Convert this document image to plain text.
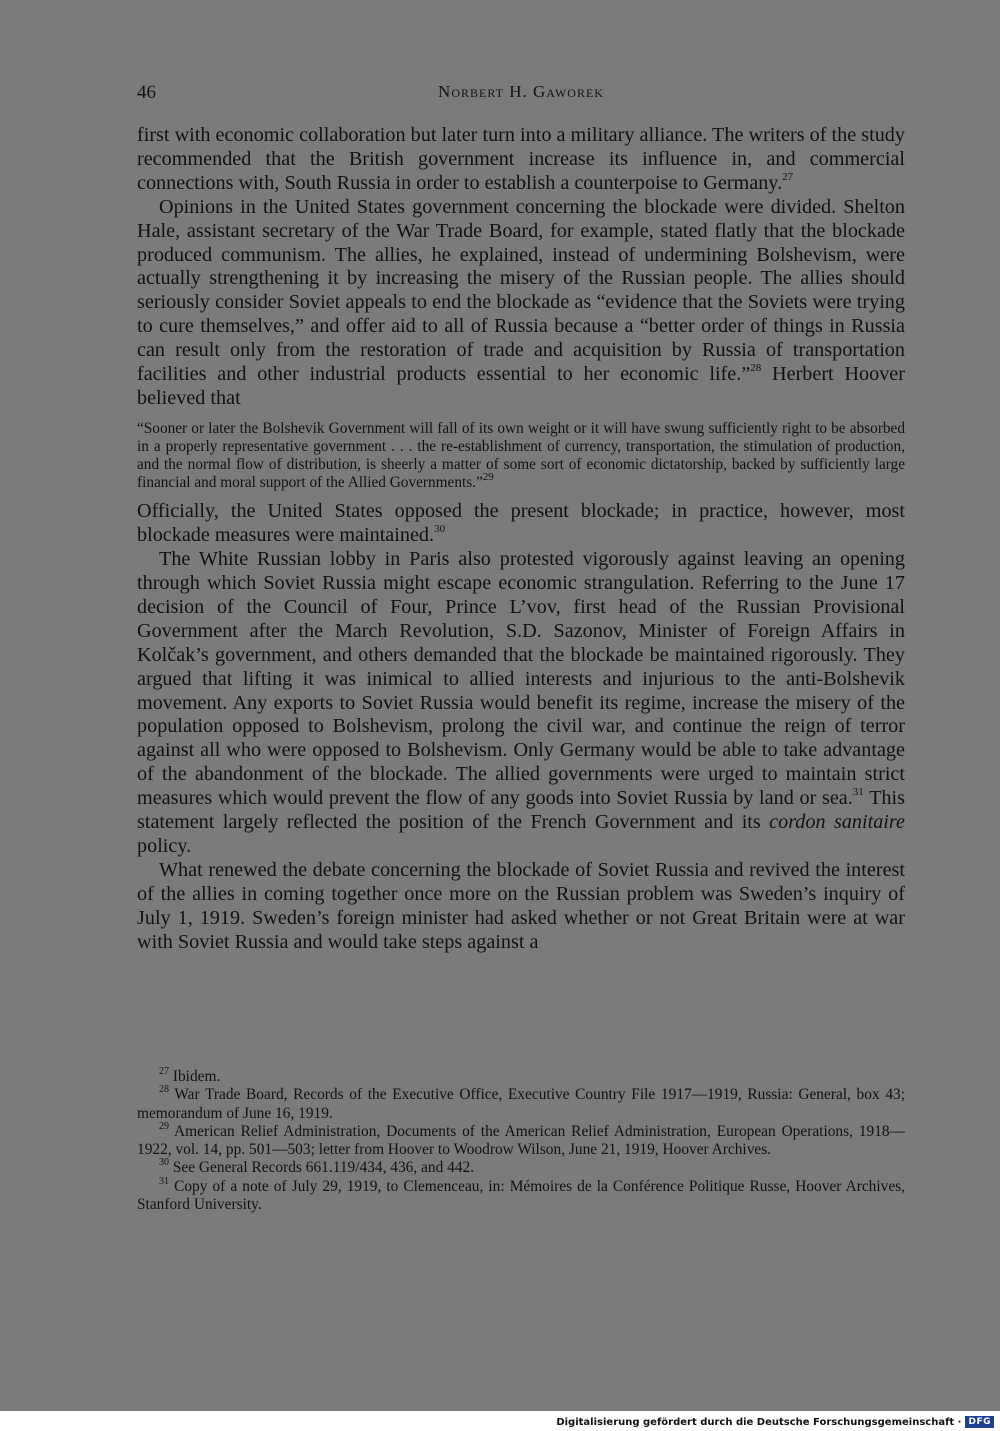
46	Norbert H. Gaworek

first with economic collaboration but later turn into a military alliance. The writers of the study recommended that the British government increase its influence in, and commercial connections with, South Russia in order to establish a counterpoise to Germany.$^{27}$

Opinions in the United States government concerning the blockade were divided. Shelton Hale, assistant secretary of the War Trade Board, for example, stated flatly that the blockade produced communism. The allies, he explained, instead of undermining Bolshevism, were actually strengthening it by increasing the misery of the Russian people. The allies should seriously consider Soviet appeals to end the blockade as “evidence that the Soviets were trying to cure themselves,” and offer aid to all of Russia because a “better order of things in Russia can result only from the restoration of trade and acquisition by Russia of transportation facilities and other industrial products essential to her economic life.”$^{28}$ Herbert Hoover believed that

“Sooner or later the Bolshevik Government will fall of its own weight or it will have swung sufficiently right to be absorbed in a properly representative government . . . the re-establishment of currency, transportation, the stimulation of production, and the normal flow of distribution, is sheerly a matter of some sort of economic dictatorship, backed by sufficiently large financial and moral support of the Allied Governments.”$^{29}$

Officially, the United States opposed the present blockade; in practice, however, most blockade measures were maintained.$^{30}$

The White Russian lobby in Paris also protested vigorously against leaving an opening through which Soviet Russia might escape economic strangulation. Referring to the June 17 decision of the Council of Four, Prince L’vov, first head of the Russian Provisional Government after the March Revolution, S.D. Sazonov, Minister of Foreign Affairs in Kolčak’s government, and others demanded that the blockade be maintained rigorously. They argued that lifting it was inimical to allied interests and injurious to the anti-Bolshevik movement. Any exports to Soviet Russia would benefit its regime, increase the misery of the population opposed to Bolshevism, prolong the civil war, and continue the reign of terror against all who were opposed to Bolshevism. Only Germany would be able to take advantage of the abandonment of the blockade. The allied governments were urged to maintain strict measures which would prevent the flow of any goods into Soviet Russia by land or sea.$^{31}$ This statement largely reflected the position of the French Government and its cordon sanitaire policy.

What renewed the debate concerning the blockade of Soviet Russia and revived the interest of the allies in coming together once more on the Russian problem was Sweden’s inquiry of July 1, 1919. Sweden’s foreign minister had asked whether or not Great Britain were at war with Soviet Russia and would take steps against a

$^{27}$ Ibidem.

$^{28}$ War Trade Board, Records of the Executive Office, Executive Country File 1917—1919, Russia: General, box 43; memorandum of June 16, 1919.

$^{29}$ American Relief Administration, Documents of the American Relief Administration, European Operations, 1918—1922, vol. 14, pp. 501—503; letter from Hoover to Woodrow Wilson, June 21, 1919, Hoover Archives.

$^{30}$ See General Records 661.119/434, 436, and 442.

$^{31}$ Copy of a note of July 29, 1919, to Clemenceau, in: Mémoires de la Conférence Politique Russe, Hoover Archives, Stanford University.

Digitalisierung gefördert durch die Deutsche Forschungsgemeinschaft · DFG
